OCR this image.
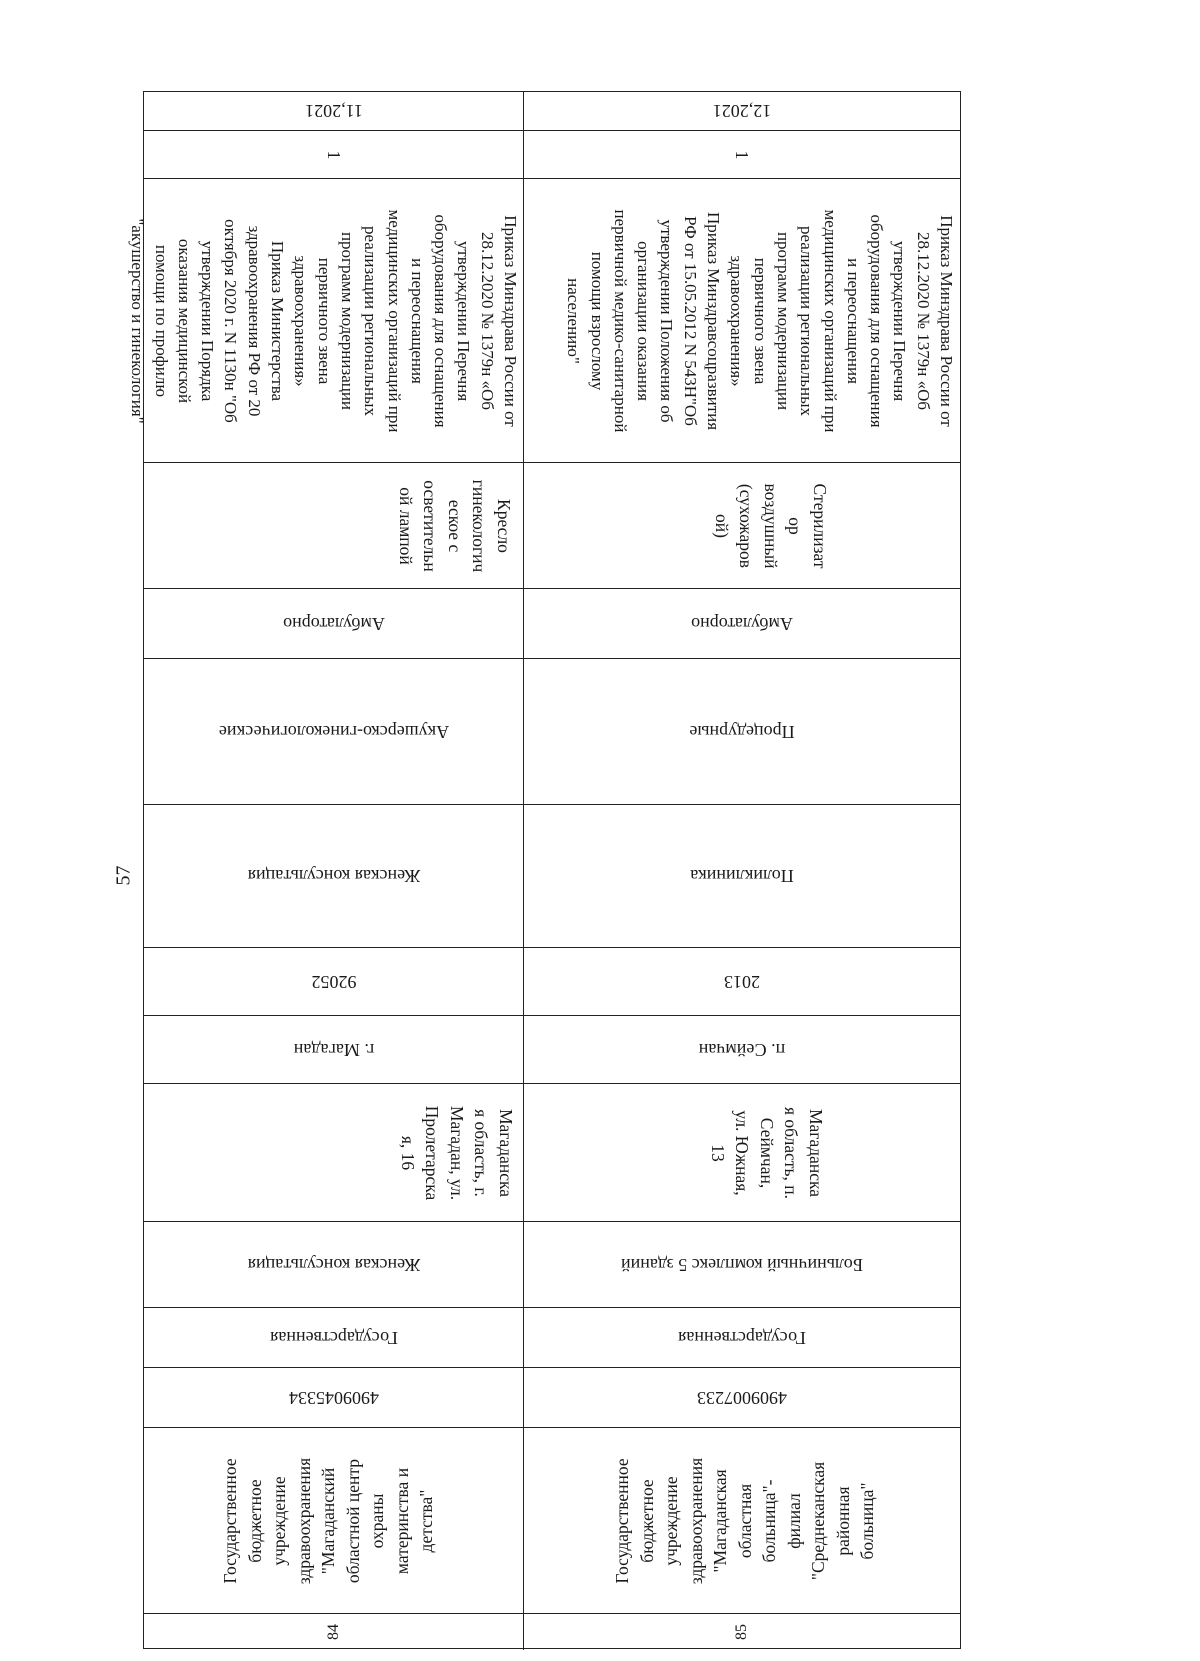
57
11,2021
1
Приказ Минздрава России от
28.12.2020 № 1379н «Об
утверждении Перечня
оборудования для оснащения
и переоснащения
медицинских организаций при
реализации региональных
программ модернизации
первичного звена
здравоохранения»
Приказ Министерства
здравоохранения РФ от 20
октября 2020 г. N 1130н "Об
утверждении Порядка
оказания медицинской
помощи по профилю
"акушерство и гинекология"
Кресло
гинекологич
еское с
осветительн
ой лампой
Амбулаторно
Акушерско-гинекологические
Женская консультация
92052
г. Магадан
Магаданска
я область, г.
Магадан, ул.
Пролетарска
я, 16
Женская консультация
Государственная
4909045334
Государственное
бюджетное
учреждение
здравоохранения
"Магаданский
областной центр
охраны
материнства и
детства"
84
12,2021
1
Приказ Минздрава России от
28.12.2020 № 1379н «Об
утверждении Перечня
оборудования для оснащения
и переоснащения
медицинских организаций при
реализации региональных
программ модернизации
первичного звена
здравоохранения»
Приказ Минздравсоцразвития
РФ от 15.05.2012 N 543Н"Об
утверждении Положения об
организации оказания
первичной медико-санитарной
помощи взрослому
населению"
Стерилизат
ор
воздушный
(сухожаров
ой)
Амбулаторно
Процедурные
Поликлиника
2013
п. Сеймчан
Магаданска
я область, п.
Сеймчан,
ул. Южная,
13
Больничный комплекс 5 зданий
Государственная
4909007233
Государственное
бюджетное
учреждение
здравоохранения
"Магаданская
областная
больница"-
филиал
"Среднеканская
районная
больница"
85
